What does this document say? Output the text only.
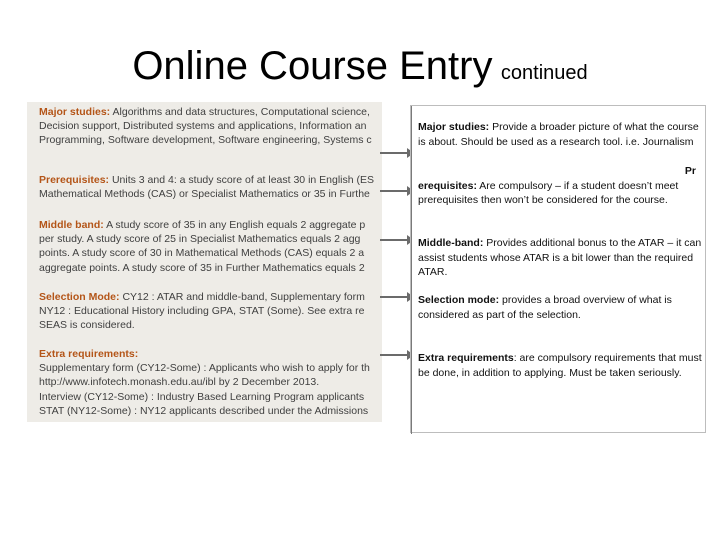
Online Course Entry continued
Major studies: Algorithms and data structures, Computational science,
Decision support, Distributed systems and applications, Information an
Programming, Software development, Software engineering, Systems c
Prerequisites: Units 3 and 4: a study score of at least 30 in English (ES
Mathematical Methods (CAS) or Specialist Mathematics or 35 in Furthe
Middle band: A study score of 35 in any English equals 2 aggregate p
per study. A study score of 25 in Specialist Mathematics equals 2 agg
points. A study score of 30 in Mathematical Methods (CAS) equals 2 a
aggregate points. A study score of 35 in Further Mathematics equals 2
Selection Mode: CY12 : ATAR and middle-band, Supplementary form
NY12 : Educational History including GPA, STAT (Some). See extra re
SEAS is considered.
Extra requirements:
Supplementary form (CY12-Some) : Applicants who wish to apply for th
http://www.infotech.monash.edu.au/ibl by 2 December 2013.
Interview (CY12-Some) : Industry Based Learning Program applicants
STAT (NY12-Some) : NY12 applicants described under the Admissions
Major studies: Provide a broader picture of what the course is about. Should be used as a research tool. i.e. Journalism
Pr
erequisites: Are compulsory – if a student doesn’t meet prerequisites then won’t be considered for the course.
Middle-band: Provides additional bonus to the ATAR – it can assist students whose ATAR is a bit lower than the required ATAR.
Selection mode: provides a broad overview of what is considered as part of the selection.
Extra requirements: are compulsory requirements that must be done, in addition to applying. Must be taken seriously.
